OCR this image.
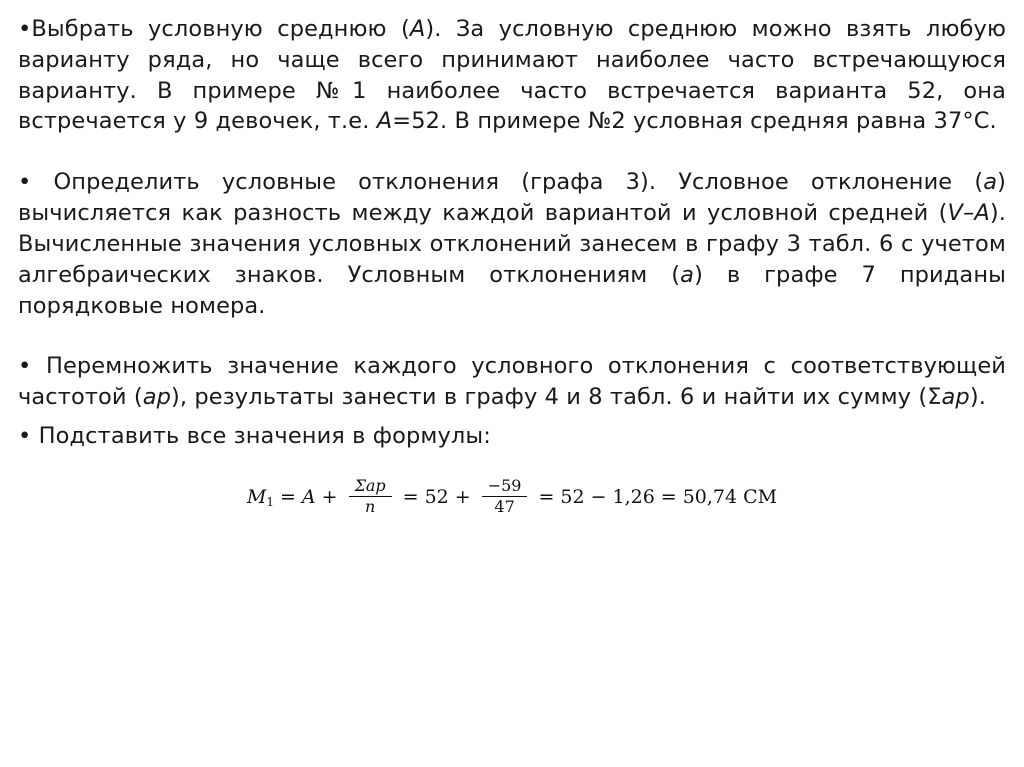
•Выбрать условную среднюю (A). За условную среднюю можно взять любую варианту ряда, но чаще всего принимают наиболее часто встречающуюся варианту. В примере №1 наиболее часто встречается варианта 52, она встречается у 9 девочек, т.е. A=52. В примере №2 условная средняя равна 37°С.

• Определить условные отклонения (графа 3). Условное отклонение (a) вычисляется как разность между каждой вариантой и условной средней (V–A). Вычисленные значения условных отклонений занесем в графу 3 табл. 6 с учетом алгебраических знаков. Условным отклонениям (a) в графе 7 приданы порядковые номера.

• Перемножить значение каждого условного отклонения с соответствующей частотой (ap), результаты занести в графу 4 и 8 табл. 6 и найти их сумму (Σap).

• Подставить все значения в формулы:

M $1 = A + \frac{\text{Σap}}{n} = 52 + \frac{-59}{47} = 52 - 1,26 = 50,74$ СМ
